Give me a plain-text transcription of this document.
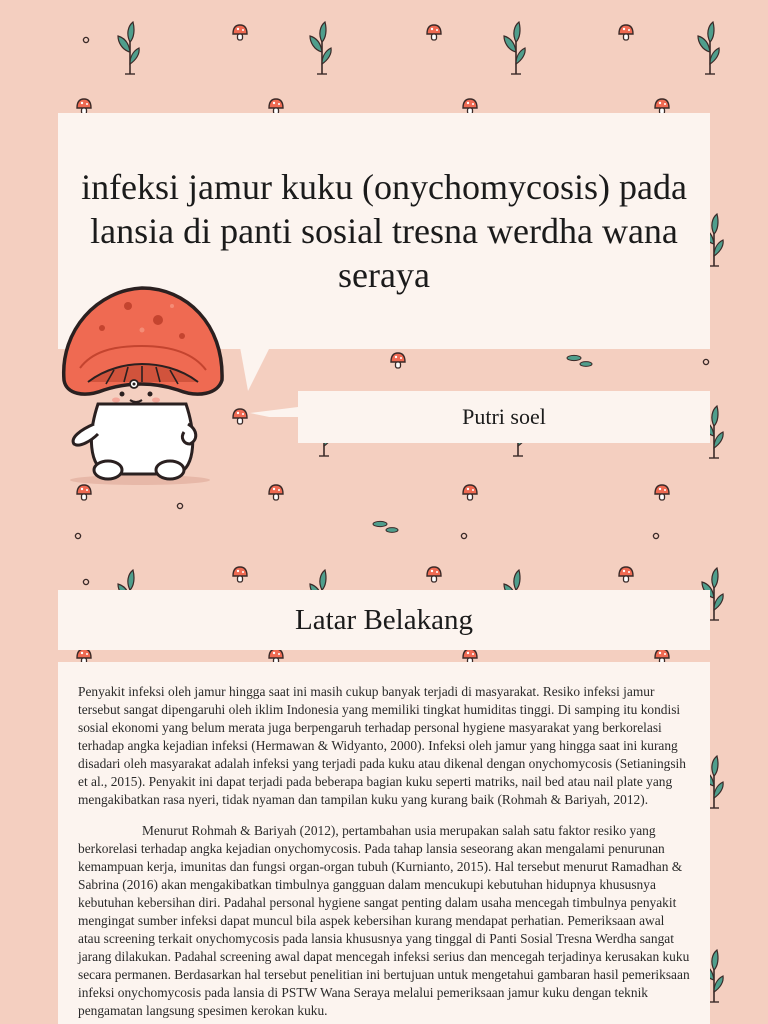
infeksi jamur kuku (onychomycosis) pada lansia di panti sosial tresna werdha wana seraya
Putri soel
Latar Belakang

Penyakit infeksi oleh jamur hingga saat ini masih cukup banyak terjadi di masyarakat. Resiko infeksi jamur tersebut sangat dipengaruhi oleh iklim Indonesia yang memiliki tingkat humiditas tinggi. Di samping itu kondisi sosial ekonomi yang belum merata juga berpengaruh terhadap personal hygiene masyarakat yang berkorelasi terhadap angka kejadian infeksi (Hermawan & Widyanto, 2000). Infeksi oleh jamur yang hingga saat ini kurang disadari oleh masyarakat adalah infeksi yang terjadi pada kuku atau dikenal dengan onychomycosis (Setianingsih et al., 2015). Penyakit ini dapat terjadi pada beberapa bagian kuku seperti matriks, nail bed atau nail plate yang mengakibatkan rasa nyeri, tidak nyaman dan tampilan kuku yang kurang baik (Rohmah & Bariyah, 2012).

Menurut Rohmah & Bariyah (2012), pertambahan usia merupakan salah satu faktor resiko yang berkorelasi terhadap angka kejadian onychomycosis. Pada tahap lansia seseorang akan mengalami penurunan kemampuan kerja, imunitas dan fungsi organ-organ tubuh (Kurnianto, 2015). Hal tersebut menurut Ramadhan & Sabrina (2016) akan mengakibatkan timbulnya gangguan dalam mencukupi kebutuhan hidupnya khususnya kebutuhan kebersihan diri. Padahal personal hygiene sangat penting dalam usaha mencegah timbulnya penyakit mengingat sumber infeksi dapat muncul bila aspek kebersihan kurang mendapat perhatian. Pemeriksaan awal atau screening terkait onychomycosis pada lansia khususnya yang tinggal di Panti Sosial Tresna Werdha sangat jarang dilakukan. Padahal screening awal dapat mencegah infeksi serius dan mencegah terjadinya kerusakan kuku secara permanen. Berdasarkan hal tersebut penelitian ini bertujuan untuk mengetahui gambaran hasil pemeriksaan infeksi onychomycosis pada lansia di PSTW Wana Seraya melalui pemeriksaan jamur kuku dengan teknik pengamatan langsung spesimen kerokan kuku.
